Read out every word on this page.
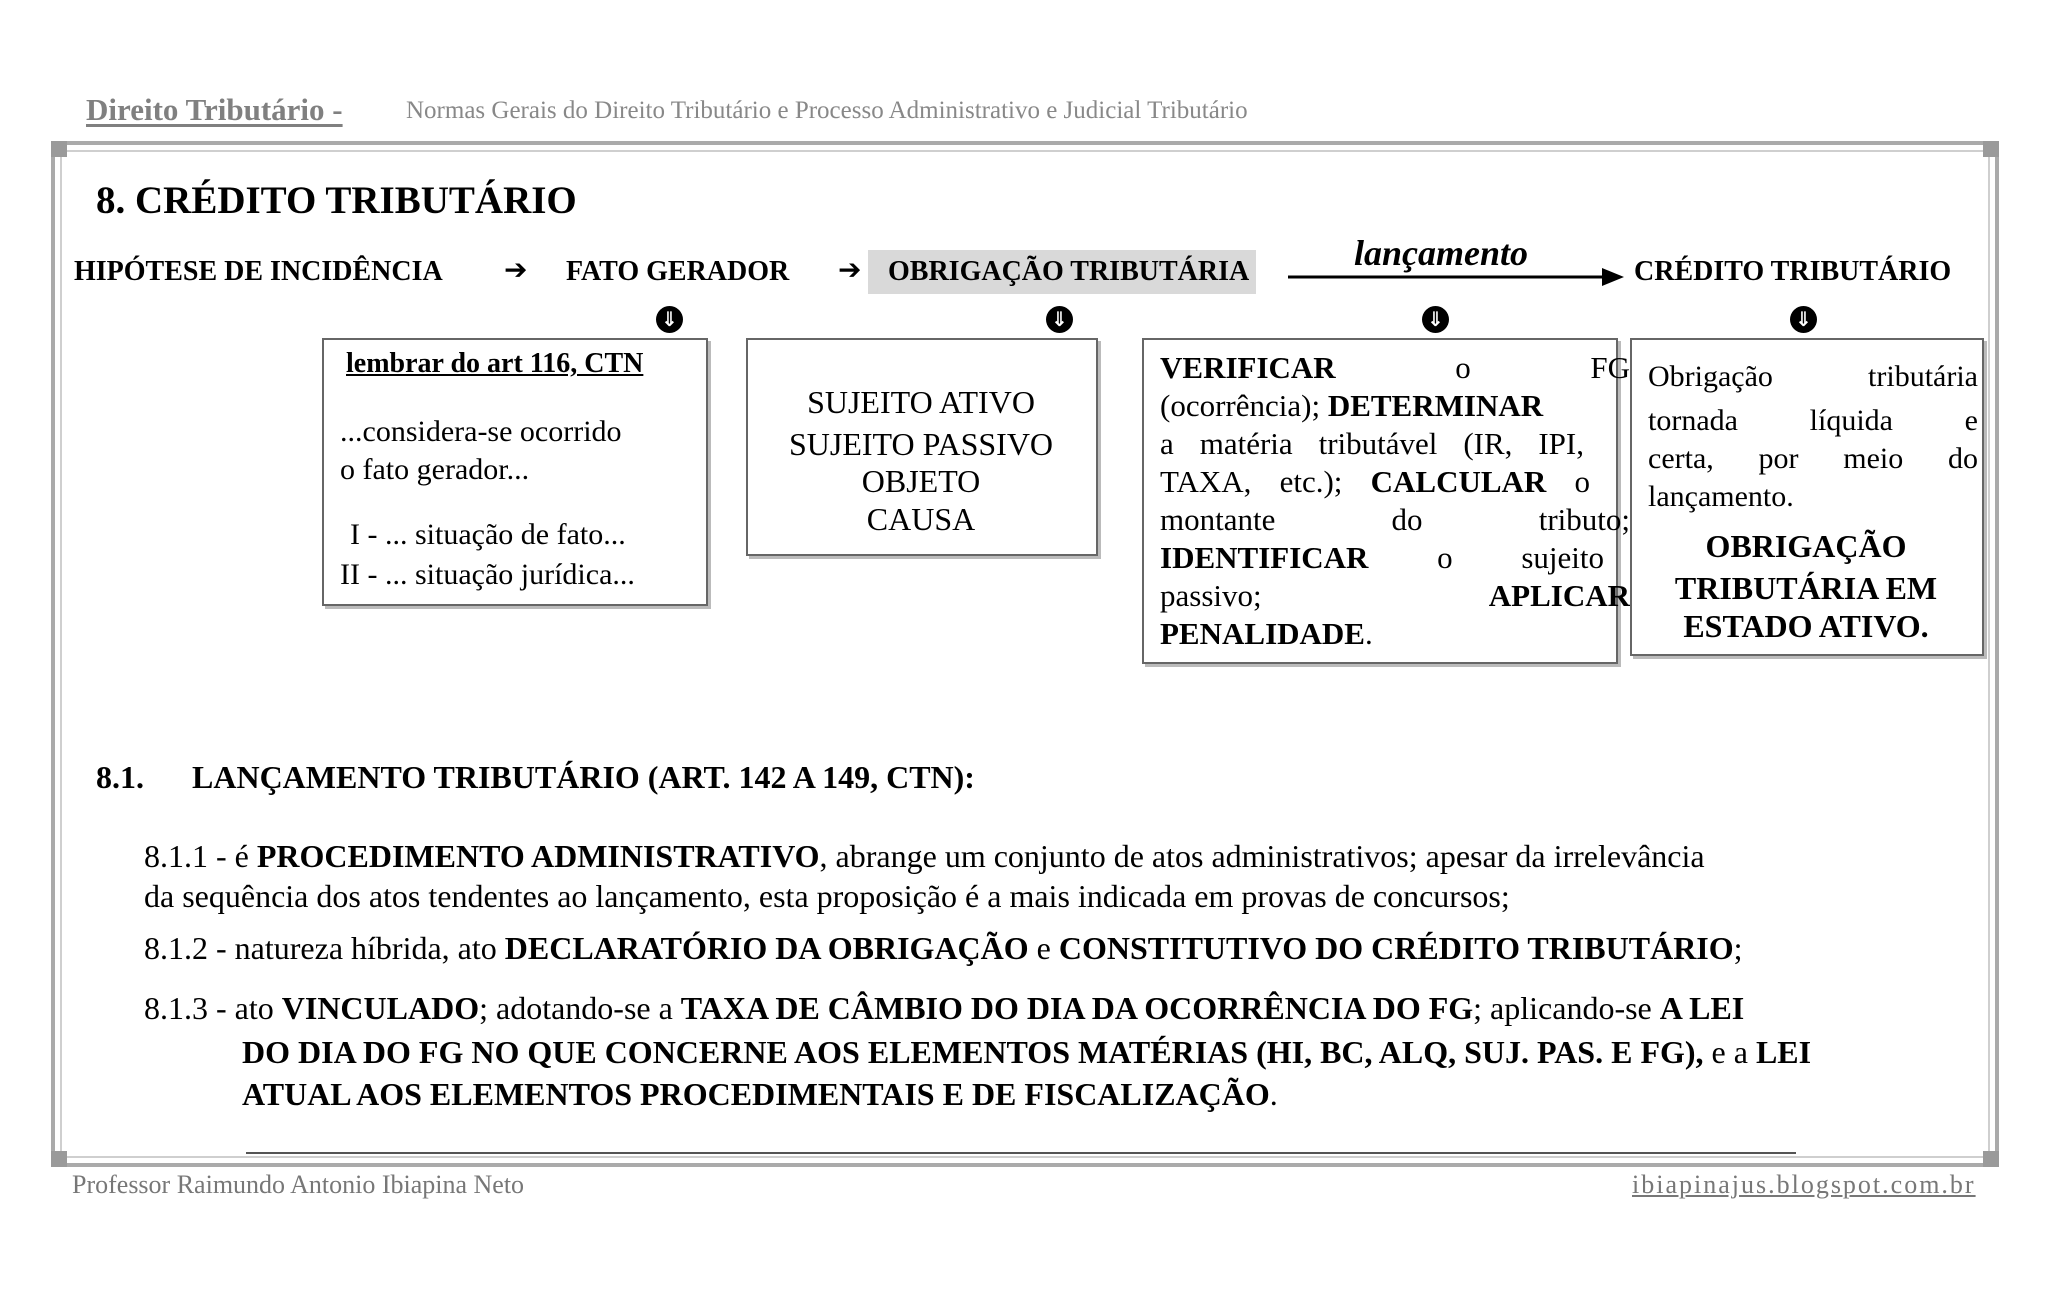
Direito Tributário -	Normas Gerais do Direito Tributário e Processo Administrativo e Judicial Tributário
8. CRÉDITO TRIBUTÁRIO
HIPÓTESE DE INCIDÊNCIA ➔ FATO GERADOR ➔ OBRIGAÇÃO TRIBUTÁRIA	CRÉDITO TRIBUTÁRIO
lançamento
⇓	⇓	⇓	⇓
lembrar do art 116, CTN
...considera-se ocorrido
o fato gerador...
I - ... situação de fato...
II - ... situação jurídica...
SUJEITO ATIVO
SUJEITO PASSIVO
OBJETO
CAUSA
VERIFICAR	o FG
(ocorrência); DETERMINAR
a matéria tributável (IR, IPI,
TAXA, etc.); CALCULAR o
montante do tributo;
IDENTIFICAR o sujeito
passivo;	APLICAR
PENALIDADE.
Obrigação tributária
tornada líquida e
certa, por meio do
lançamento.
OBRIGAÇÃO
TRIBUTÁRIA EM
ESTADO ATIVO.
8.1. LANÇAMENTO TRIBUTÁRIO (ART. 142 A 149, CTN):
8.1.1 - é PROCEDIMENTO ADMINISTRATIVO, abrange um conjunto de atos administrativos; apesar da irrelevância
da sequência dos atos tendentes ao lançamento, esta proposição é a mais indicada em provas de concursos;
8.1.2 - natureza híbrida, ato DECLARATÓRIO DA OBRIGAÇÃO e CONSTITUTIVO DO CRÉDITO TRIBUTÁRIO;
8.1.3 - ato VINCULADO; adotando-se a TAXA DE CÂMBIO DO DIA DA OCORRÊNCIA DO FG; aplicando-se A LEI
DO DIA DO FG NO QUE CONCERNE AOS ELEMENTOS MATÉRIAS (HI, BC, ALQ, SUJ. PAS. E FG), e a LEI
ATUAL AOS ELEMENTOS PROCEDIMENTAIS E DE FISCALIZAÇÃO.
Professor Raimundo Antonio Ibiapina Neto	ibiapinajus.blogspot.com.br
